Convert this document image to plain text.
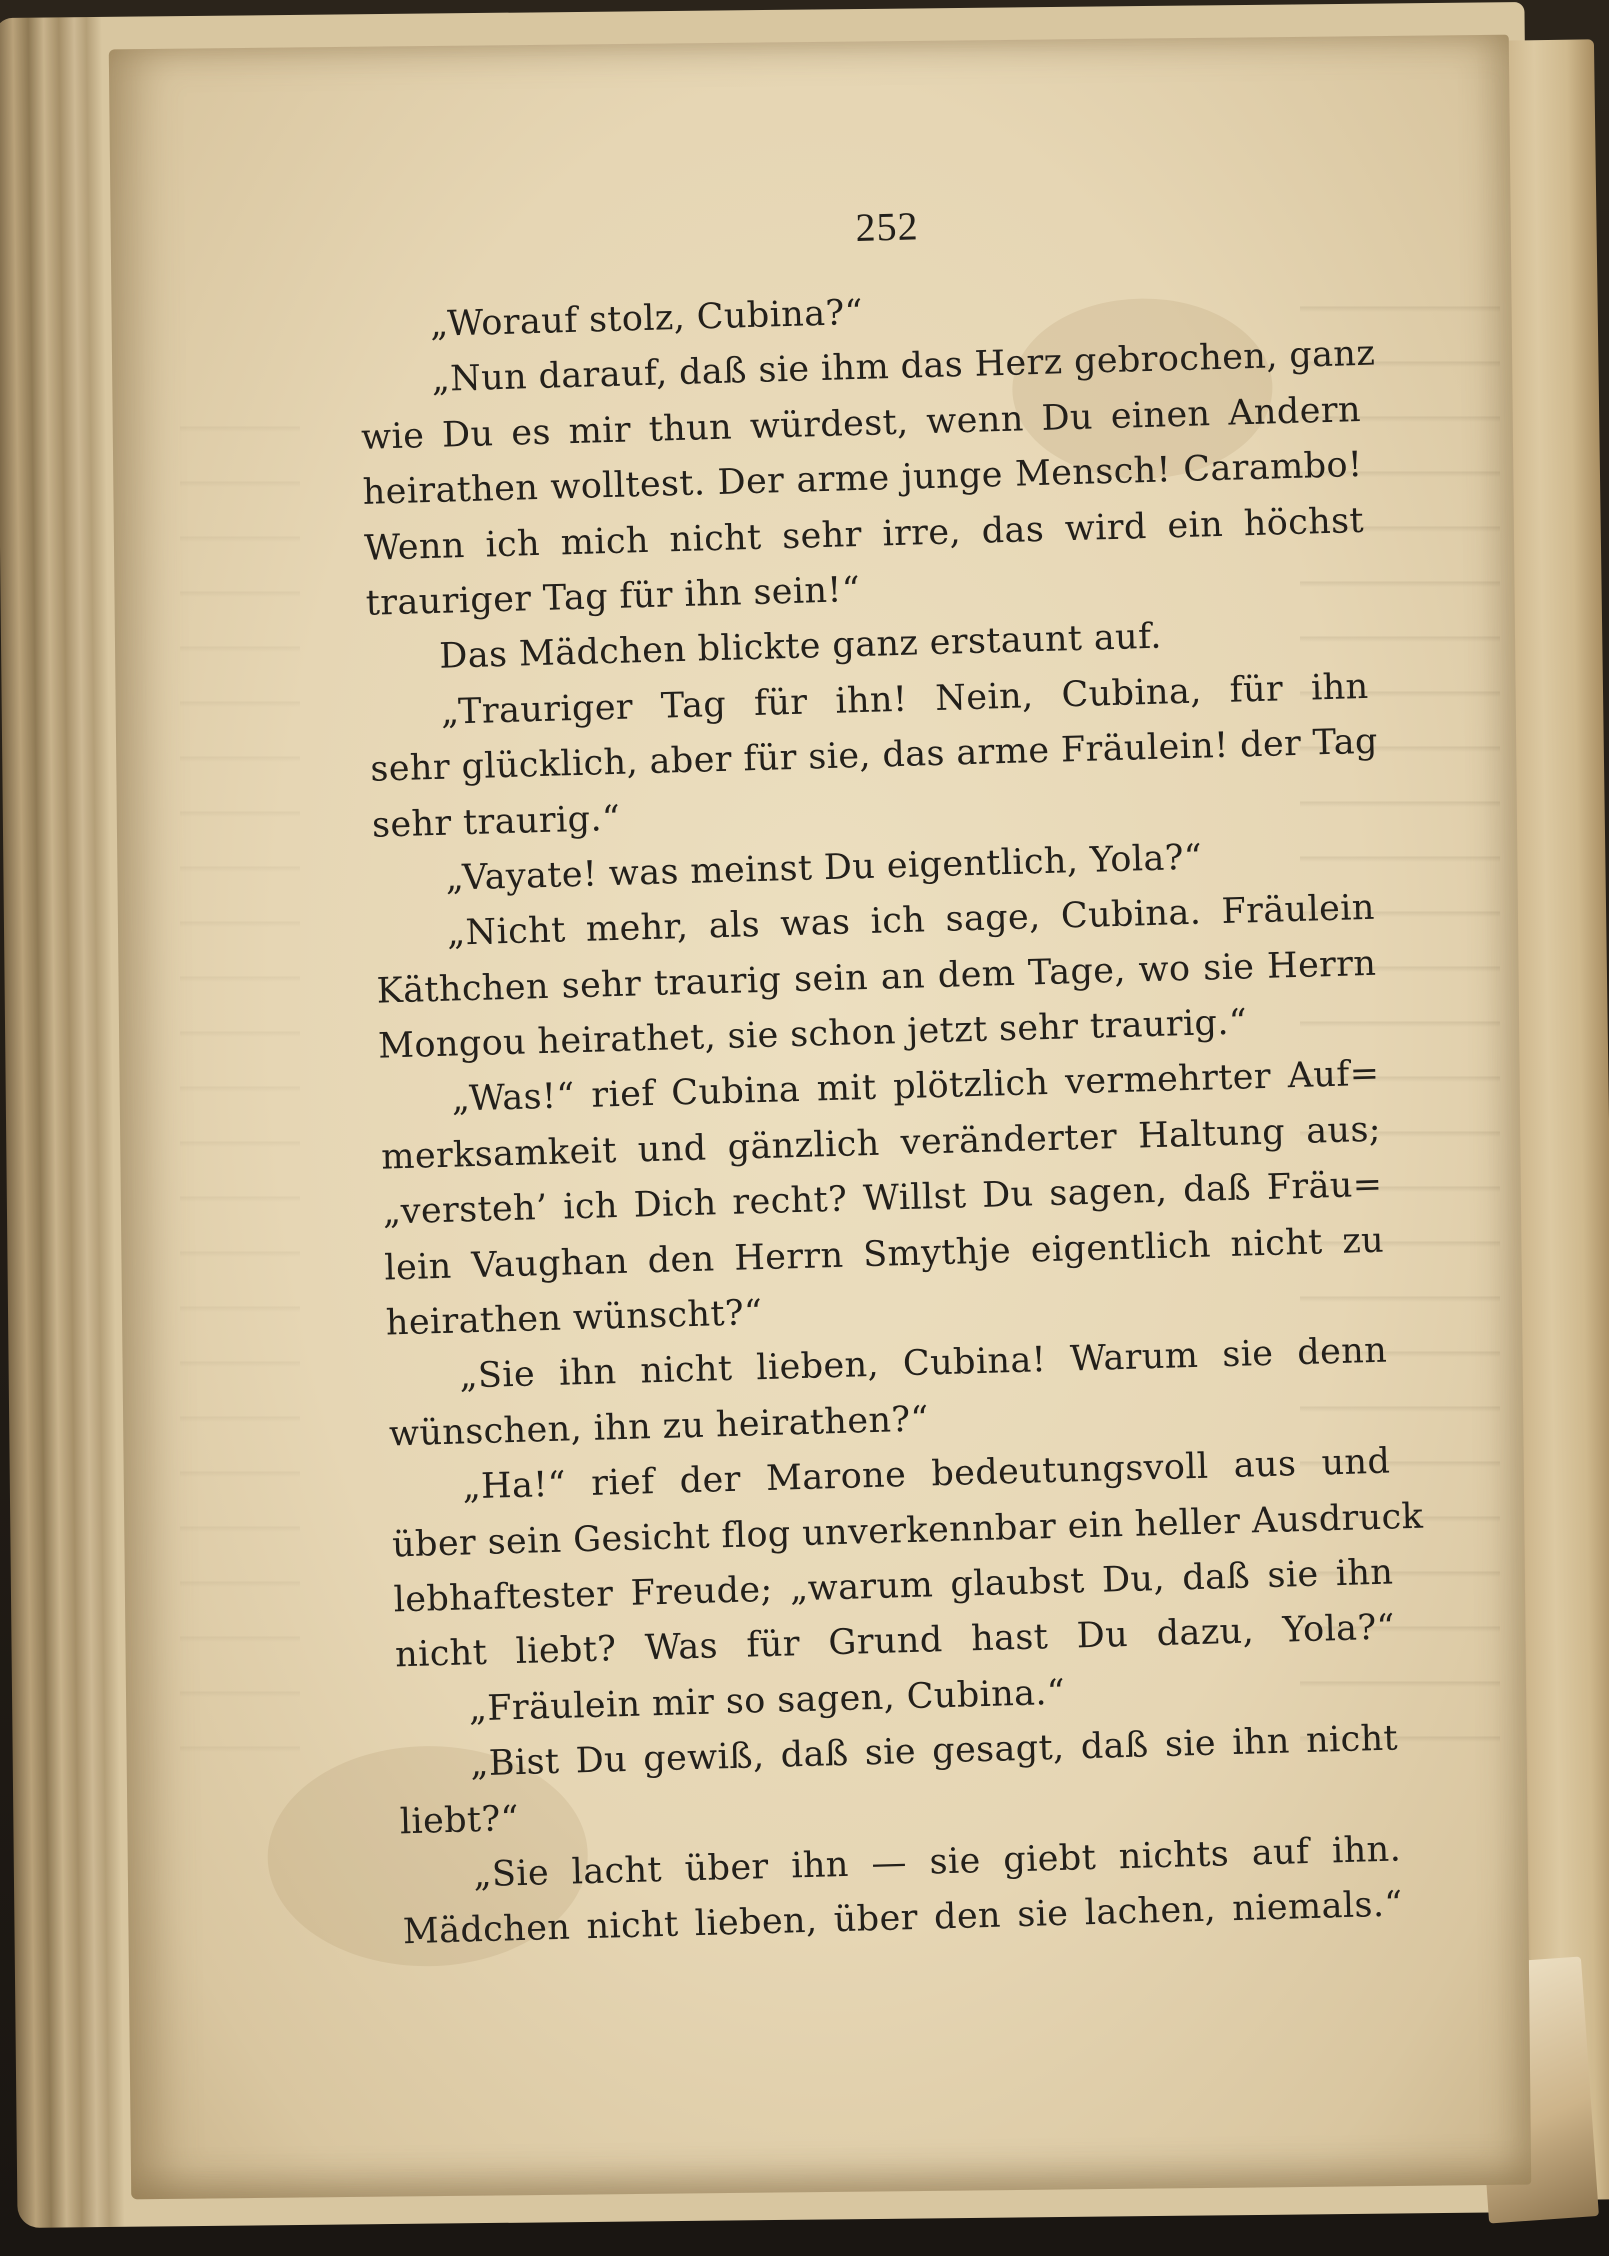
252
„Worauf stolz, Cubina?“
„Nun darauf, daß sie ihm das Herz gebrochen, ganz
wie Du es mir thun würdest, wenn Du einen Andern
heirathen wolltest. Der arme junge Mensch! Carambo!
Wenn ich mich nicht sehr irre, das wird ein höchst
trauriger Tag für ihn sein!“
Das Mädchen blickte ganz erstaunt auf.
„Trauriger Tag für ihn! Nein, Cubina, für ihn
sehr glücklich, aber für sie, das arme Fräulein! der Tag
sehr traurig.“
„Vayate! was meinst Du eigentlich, Yola?“
„Nicht mehr, als was ich sage, Cubina. Fräulein
Käthchen sehr traurig sein an dem Tage, wo sie Herrn
Mongou heirathet, sie schon jetzt sehr traurig.“
„Was!“ rief Cubina mit plötzlich vermehrter Auf=
merksamkeit und gänzlich veränderter Haltung aus;
„versteh’ ich Dich recht? Willst Du sagen, daß Fräu=
lein Vaughan den Herrn Smythje eigentlich nicht zu
heirathen wünscht?“
„Sie ihn nicht lieben, Cubina! Warum sie denn
wünschen, ihn zu heirathen?“
„Ha!“ rief der Marone bedeutungsvoll aus und
über sein Gesicht flog unverkennbar ein heller Ausdruck
lebhaftester Freude; „warum glaubst Du, daß sie ihn
nicht liebt? Was für Grund hast Du dazu, Yola?“
„Fräulein mir so sagen, Cubina.“
„Bist Du gewiß, daß sie gesagt, daß sie ihn nicht
liebt?“
„Sie lacht über ihn — sie giebt nichts auf ihn.
Mädchen nicht lieben, über den sie lachen, niemals.“
